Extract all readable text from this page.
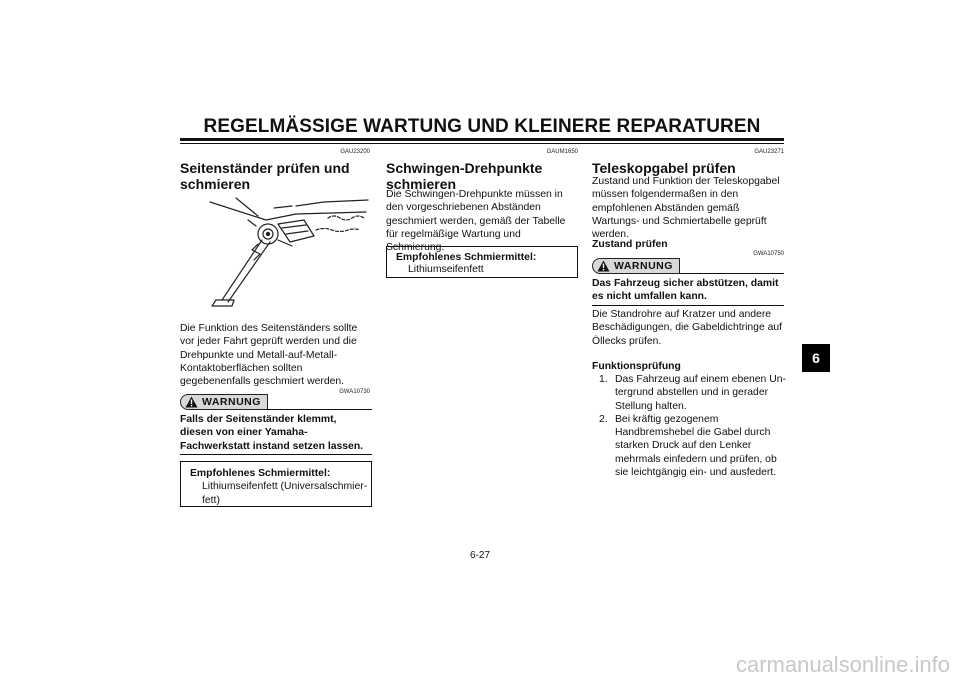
REGELMÄSSIGE WARTUNG UND KLEINERE REPARATUREN
GAU23200
Seitenständer prüfen und schmieren
Die Funktion des Seitenständers sollte vor jeder Fahrt geprüft werden und die Drehpunkte und Metall-auf-Metall-Kontaktoberflächen sollten gegebenenfalls geschmiert werden.
GWA10730
WARNUNG
Falls der Seitenständer klemmt, diesen von einer Yamaha-Fachwerkstatt instand setzen lassen.
Empfohlenes Schmiermittel:
Lithiumseifenfett (Universalschmierfett)
GAUM1650
Schwingen-Drehpunkte schmieren
Die Schwingen-Drehpunkte müssen in den vorgeschriebenen Abständen geschmiert werden, gemäß der Tabelle für regelmäßige Wartung und Schmierung.
Empfohlenes Schmiermittel:
Lithiumseifenfett
GAU23271
Teleskopgabel prüfen
Zustand und Funktion der Teleskopgabel müssen folgendermaßen in den empfohlenen Abständen gemäß Wartungs- und Schmiertabelle geprüft werden.
Zustand prüfen
GWA10750
WARNUNG
Das Fahrzeug sicher abstützen, damit es nicht umfallen kann.
Die Standrohre auf Kratzer und andere Beschädigungen, die Gabeldichtringe auf Öllecks prüfen.
Funktionsprüfung
1. Das Fahrzeug auf einem ebenen Untergrund abstellen und in gerader Stellung halten.
2. Bei kräftig gezogenem Handbremshebel die Gabel durch starken Druck auf den Lenker mehrmals einfedern und prüfen, ob sie leichtgängig ein- und ausfedert.
6
6-27
carmanualsonline.info
